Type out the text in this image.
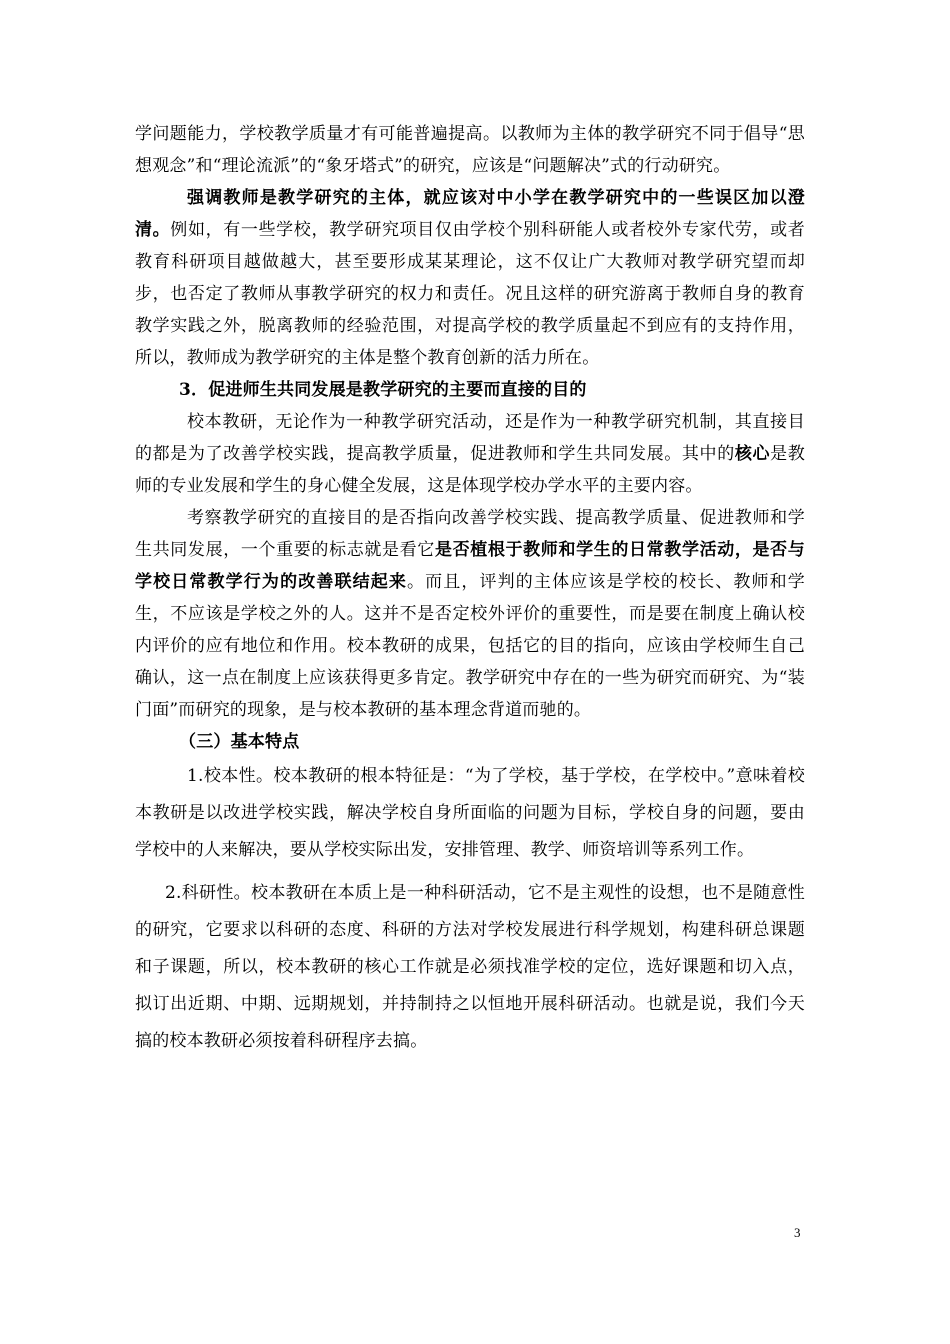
学问题能力，学校教学质量才有可能普遍提高。以教师为主体的教学研究不同于倡导“思想观念”和“理论流派”的“象牙塔式”的研究，应该是“问题解决”式的行动研究。

强调教师是教学研究的主体，就应该对中小学在教学研究中的一些误区加以澄清。例如，有一些学校，教学研究项目仅由学校个别科研能人或者校外专家代劳，或者教育科研项目越做越大，甚至要形成某某理论，这不仅让广大教师对教学研究望而却步，也否定了教师从事教学研究的权力和责任。况且这样的研究游离于教师自身的教育教学实践之外，脱离教师的经验范围，对提高学校的教学质量起不到应有的支持作用，所以，教师成为教学研究的主体是整个教育创新的活力所在。

3．促进师生共同发展是教学研究的主要而直接的目的

校本教研，无论作为一种教学研究活动，还是作为一种教学研究机制，其直接目的都是为了改善学校实践，提高教学质量，促进教师和学生共同发展。其中的核心是教师的专业发展和学生的身心健全发展，这是体现学校办学水平的主要内容。

考察教学研究的直接目的是否指向改善学校实践、提高教学质量、促进教师和学生共同发展，一个重要的标志就是看它是否植根于教师和学生的日常教学活动，是否与学校日常教学行为的改善联结起来。而且，评判的主体应该是学校的校长、教师和学生，不应该是学校之外的人。这并不是否定校外评价的重要性，而是要在制度上确认校内评价的应有地位和作用。校本教研的成果，包括它的目的指向，应该由学校师生自己确认，这一点在制度上应该获得更多肯定。教学研究中存在的一些为研究而研究、为“装门面”而研究的现象，是与校本教研的基本理念背道而驰的。

（三）基本特点

1.校本性。校本教研的根本特征是：“为了学校，基于学校，在学校中。”意味着校本教研是以改进学校实践，解决学校自身所面临的问题为目标，学校自身的问题，要由学校中的人来解决，要从学校实际出发，安排管理、教学、师资培训等系列工作。

2.科研性。校本教研在本质上是一种科研活动，它不是主观性的设想，也不是随意性的研究，它要求以科研的态度、科研的方法对学校发展进行科学规划，构建科研总课题和子课题，所以，校本教研的核心工作就是必须找准学校的定位，选好课题和切入点，拟订出近期、中期、远期规划，并持制持之以恒地开展科研活动。也就是说，我们今天搞的校本教研必须按着科研程序去搞。

3
